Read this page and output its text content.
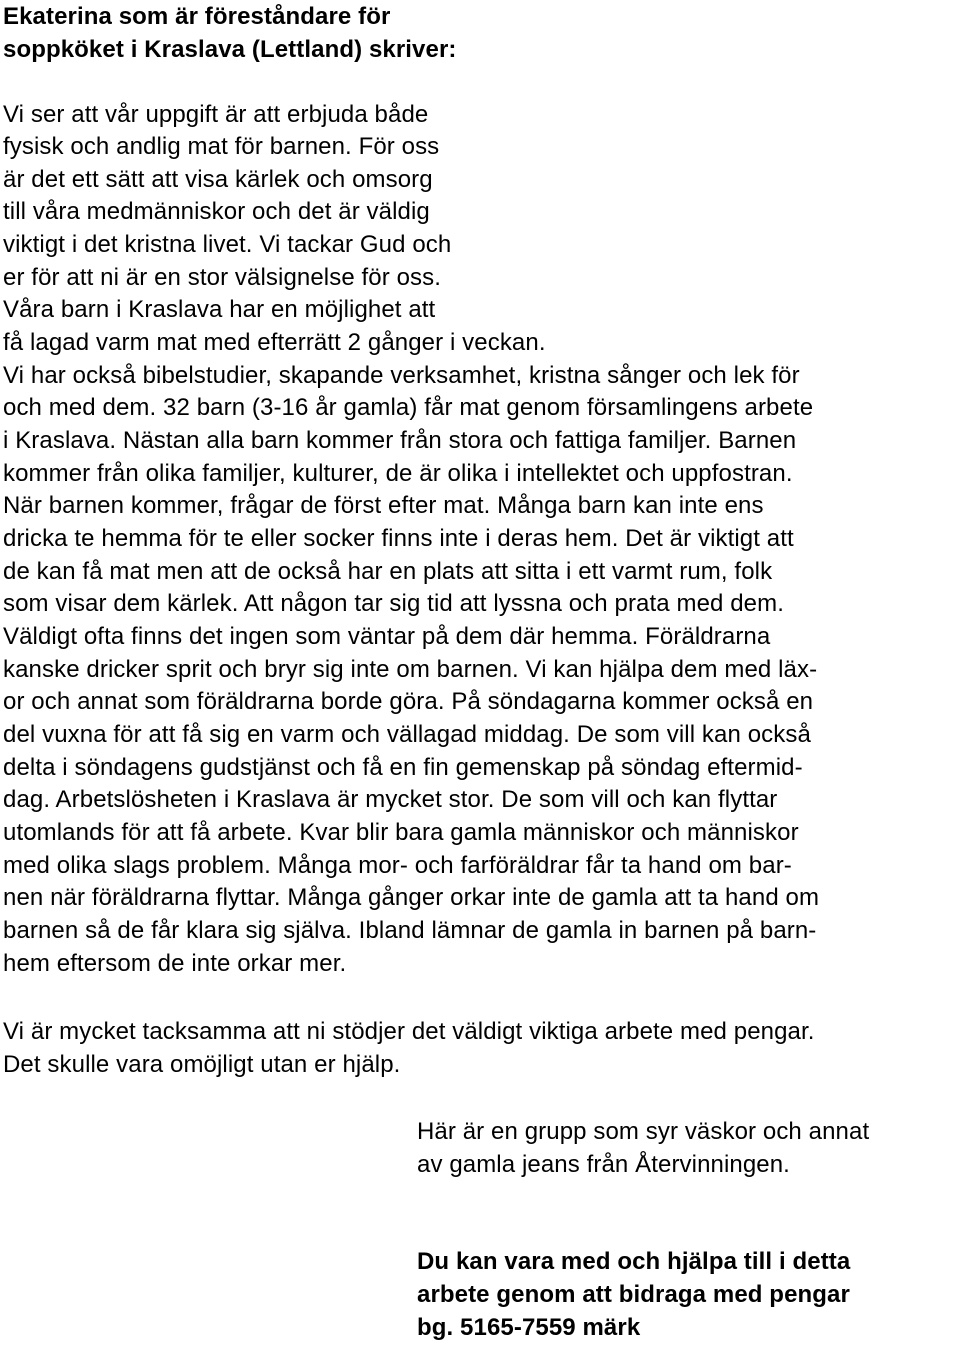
Ekaterina som är föreståndare för

soppköket i Kraslava (Lettland) skriver:

Vi ser att vår uppgift är att erbjuda både

fysisk och andlig mat för barnen. För oss

är det ett sätt att visa kärlek och omsorg

till våra medmänniskor och det är väldig

viktigt i det kristna livet. Vi tackar Gud och

er för att ni är en stor välsignelse för oss.

Våra barn i Kraslava har en möjlighet att

få lagad varm mat med efterrätt 2 gånger i veckan.

Vi har också bibelstudier, skapande verksamhet, kristna sånger och lek för

och med dem. 32 barn (3-16 år gamla) får mat genom församlingens arbete

i Kraslava. Nästan alla barn kommer från stora och fattiga familjer. Barnen

kommer från olika familjer, kulturer, de är olika i intellektet och uppfostran.

När barnen kommer, frågar de först efter mat. Många barn kan inte ens

dricka te hemma för te eller socker finns inte i deras hem. Det är viktigt att

de kan få mat men att de också har en plats att sitta i ett varmt rum, folk

som visar dem kärlek. Att någon tar sig tid att lyssna och prata med dem.

Väldigt ofta finns det ingen som väntar på dem där hemma. Föräldrarna

kanske dricker sprit och bryr sig inte om barnen. Vi kan hjälpa dem med läx-

or och annat som föräldrarna borde göra. På söndagarna kommer också en

del vuxna för att få sig en varm och vällagad middag. De som vill kan också

delta i söndagens gudstjänst och få en fin gemenskap på söndag eftermid-

dag. Arbetslösheten i Kraslava är mycket stor. De som vill och kan flyttar

utomlands för att få arbete. Kvar blir bara gamla människor och människor

med olika slags problem. Många mor- och farföräldrar får ta hand om bar-

nen när föräldrarna flyttar. Många gånger orkar inte de gamla att ta hand om

barnen så de får klara sig själva. Ibland lämnar de gamla in barnen på barn-

hem eftersom de inte orkar mer.

Vi är mycket tacksamma att ni stödjer det väldigt viktiga arbete med pengar.

Det skulle vara omöjligt utan er hjälp.

Här är en grupp som syr väskor och annat

av gamla jeans från Återvinningen.

Du kan vara med och hjälpa till i detta

arbete genom att bidraga med pengar

bg. 5165-7559 märk
